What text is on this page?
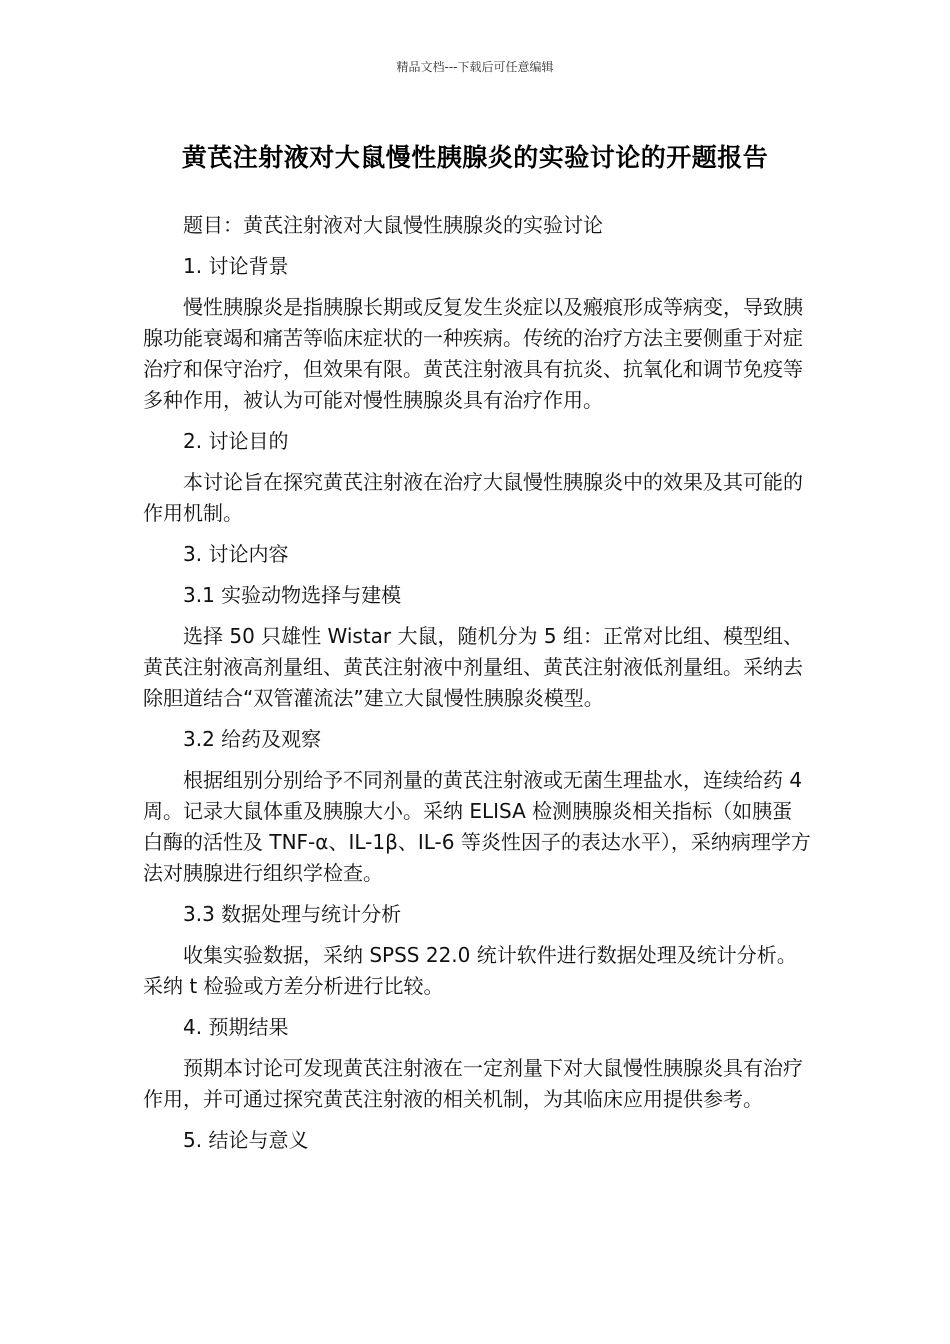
精品文档---下载后可任意编辑
黄芪注射液对大鼠慢性胰腺炎的实验讨论的开题报告

题目：黄芪注射液对大鼠慢性胰腺炎的实验讨论

1. 讨论背景

慢性胰腺炎是指胰腺长期或反复发生炎症以及瘢痕形成等病变，导致胰腺功能衰竭和痛苦等临床症状的一种疾病。传统的治疗方法主要侧重于对症治疗和保守治疗，但效果有限。黄芪注射液具有抗炎、抗氧化和调节免疫等多种作用，被认为可能对慢性胰腺炎具有治疗作用。

2. 讨论目的

本讨论旨在探究黄芪注射液在治疗大鼠慢性胰腺炎中的效果及其可能的作用机制。

3. 讨论内容

3.1 实验动物选择与建模

选择 50 只雄性 Wistar 大鼠，随机分为 5 组：正常对比组、模型组、黄芪注射液高剂量组、黄芪注射液中剂量组、黄芪注射液低剂量组。采纳去除胆道结合“双管灌流法”建立大鼠慢性胰腺炎模型。

3.2 给药及观察

根据组别分别给予不同剂量的黄芪注射液或无菌生理盐水，连续给药 4 周。记录大鼠体重及胰腺大小。采纳 ELISA 检测胰腺炎相关指标（如胰蛋白酶的活性及 TNF-α、IL-1β、IL-6 等炎性因子的表达水平），采纳病理学方法对胰腺进行组织学检查。

3.3 数据处理与统计分析

收集实验数据，采纳 SPSS 22.0 统计软件进行数据处理及统计分析。采纳 t 检验或方差分析进行比较。

4. 预期结果

预期本讨论可发现黄芪注射液在一定剂量下对大鼠慢性胰腺炎具有治疗作用，并可通过探究黄芪注射液的相关机制，为其临床应用提供参考。

5. 结论与意义
